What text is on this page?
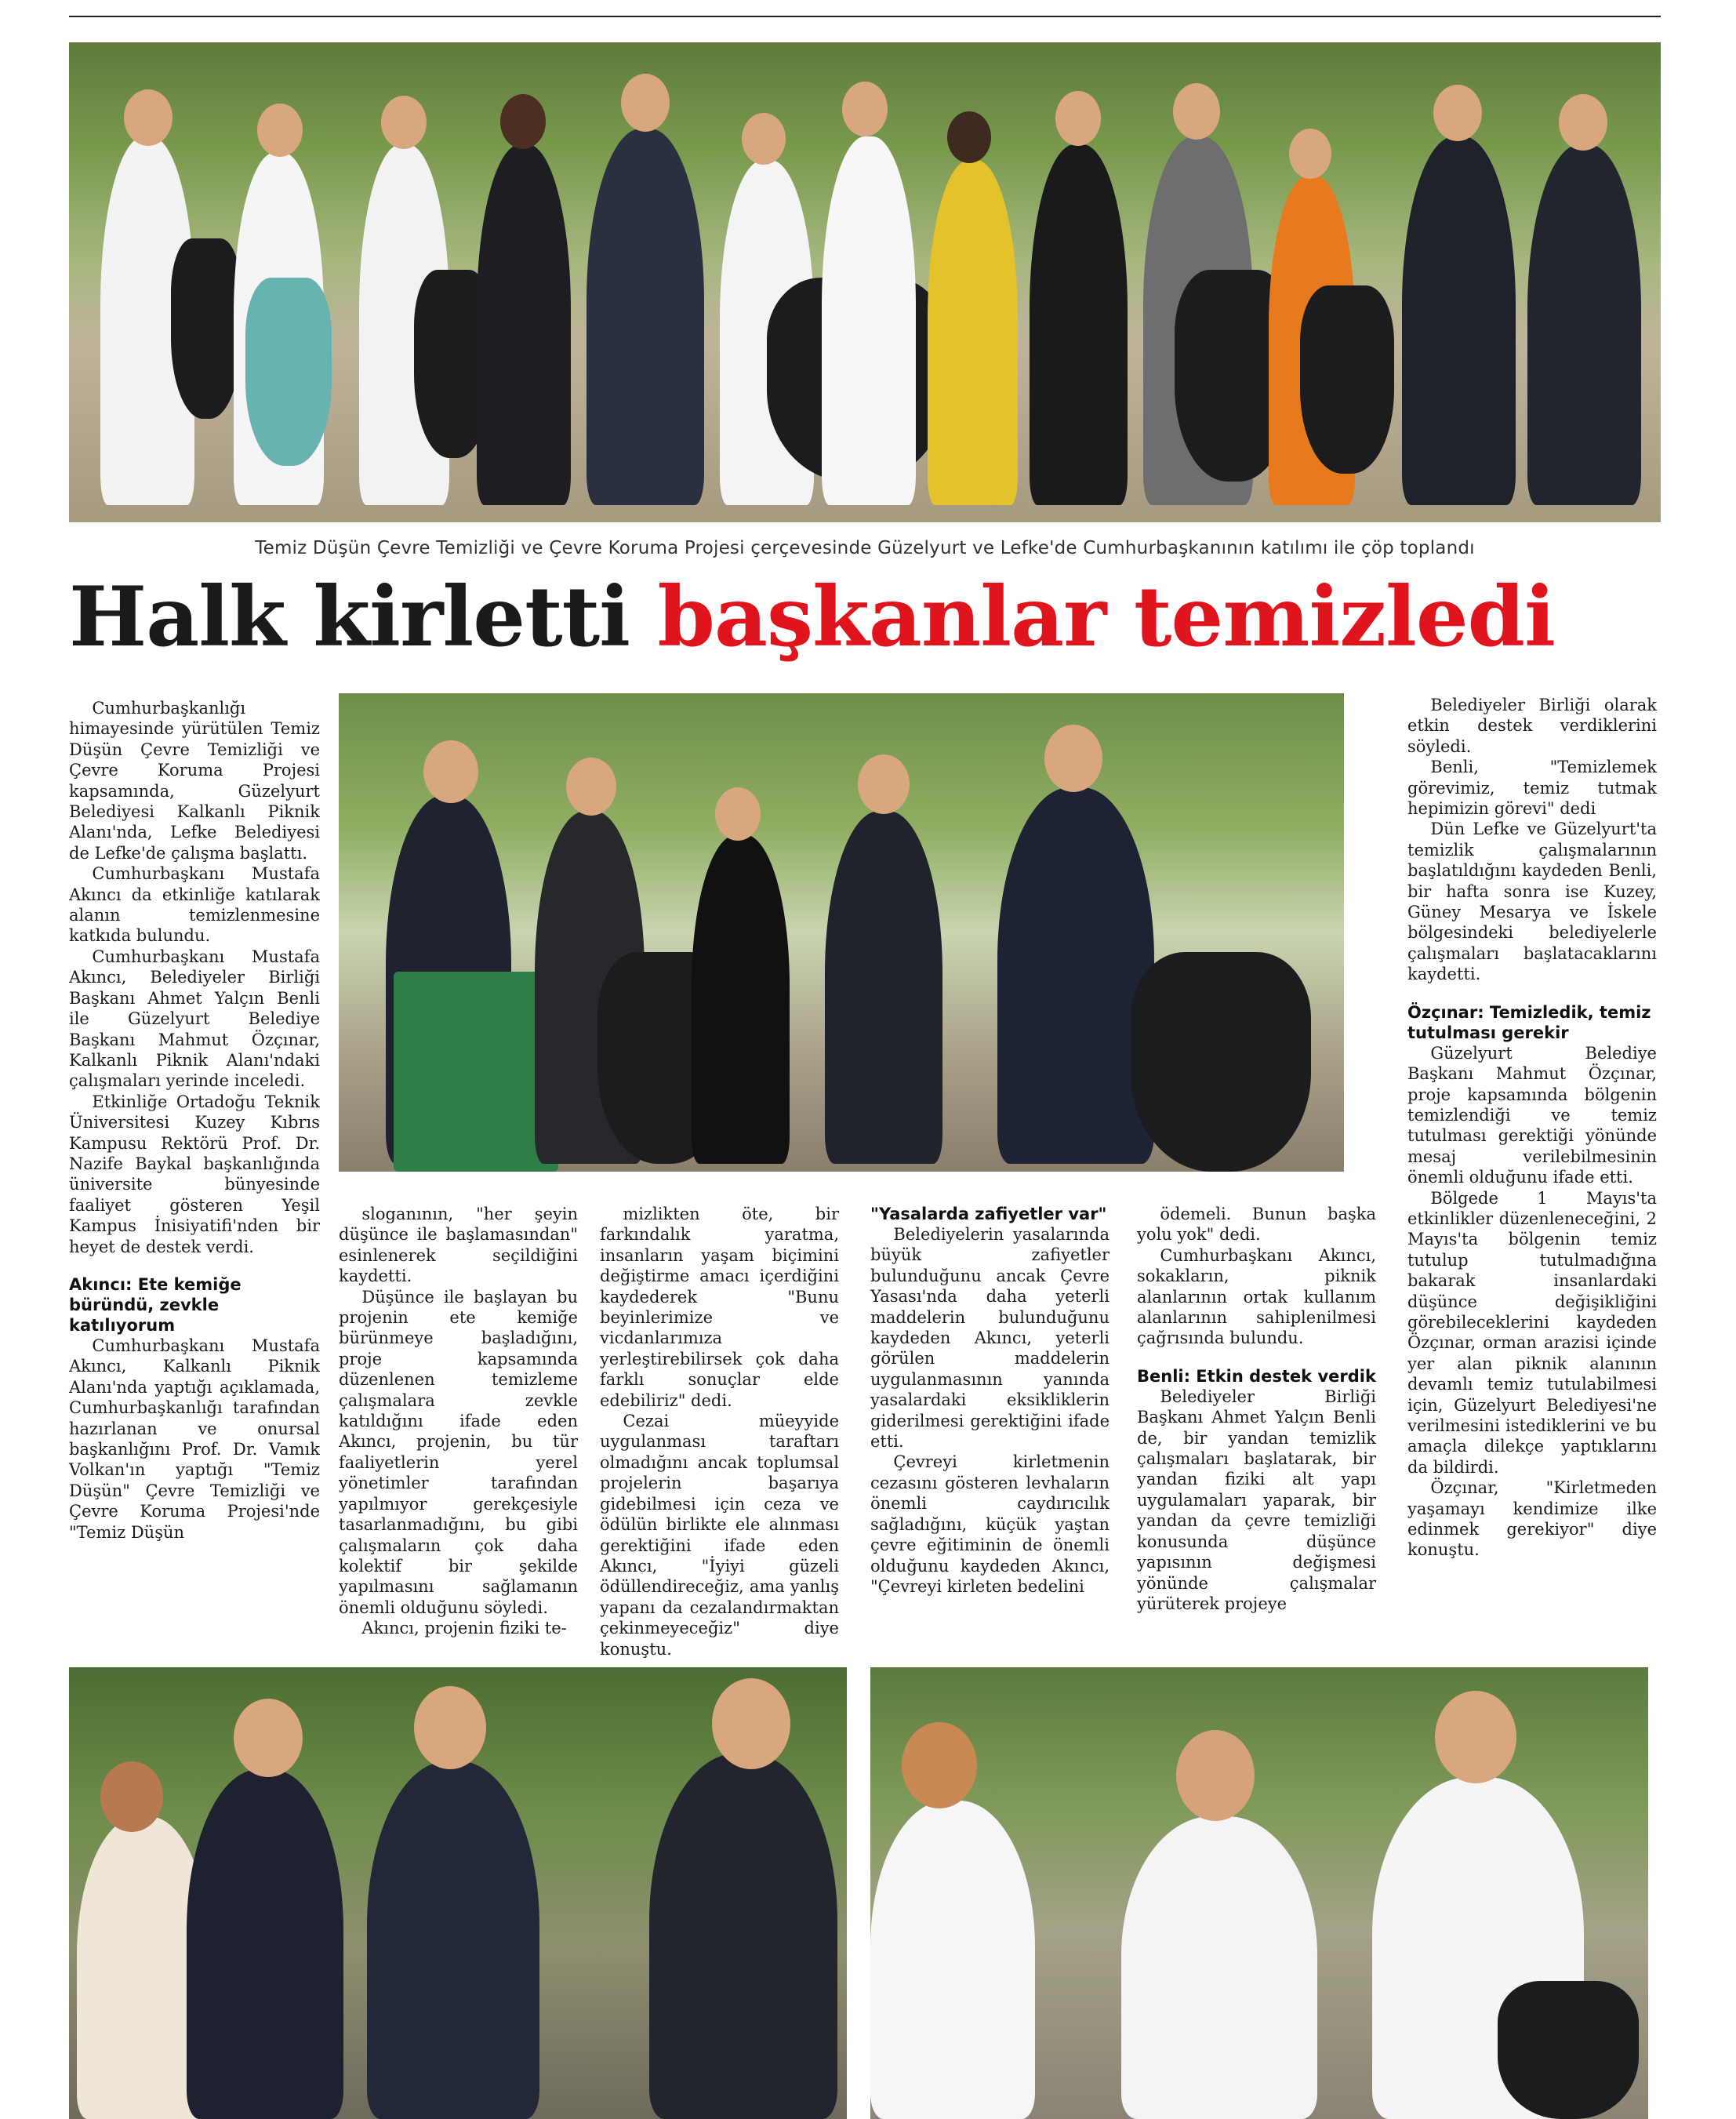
Temiz Düşün Çevre Temizliği ve Çevre Koruma Projesi çerçevesinde Güzelyurt ve Lefke'de Cumhurbaşkanının katılımı ile çöp toplandı
Halk kirletti başkanlar temizledi

Cumhurbaşkanlığı himayesinde yürütülen Temiz Düşün Çevre Temizliği ve Çevre Koruma Projesi kapsamında, Güzelyurt Belediyesi Kalkanlı Piknik Alanı'nda, Lefke Belediyesi de Lefke'de çalışma başlattı.

Cumhurbaşkanı Mustafa Akıncı da etkinliğe katılarak alanın temizlenmesine katkıda bulundu.

Cumhurbaşkanı Mustafa Akıncı, Belediyeler Birliği Başkanı Ahmet Yalçın Benli ile Güzelyurt Belediye Başkanı Mahmut Özçınar, Kalkanlı Piknik Alanı'ndaki çalışmaları yerinde inceledi.

Etkinliğe Ortadoğu Teknik Üniversitesi Kuzey Kıbrıs Kampusu Rektörü Prof. Dr. Nazife Baykal başkanlığında üniversite bünyesinde faaliyet gösteren Yeşil Kampus İnisiyatifi'nden bir heyet de destek verdi.

Akıncı: Ete kemiğe büründü, zevkle katılıyorum

Cumhurbaşkanı Mustafa Akıncı, Kalkanlı Piknik Alanı'nda yaptığı açıklamada, Cumhurbaşkanlığı tarafından hazırlanan ve onursal başkanlığını Prof. Dr. Vamık Volkan'ın yaptığı "Temiz Düşün" Çevre Temizliği ve Çevre Koruma Projesi'nde "Temiz Düşün

sloganının, "her şeyin düşünce ile başlamasından" esinlenerek seçildiğini kaydetti.

Düşünce ile başlayan bu projenin ete kemiğe bürünmeye başladığını, proje kapsamında düzenlenen temizleme çalışmalara zevkle katıldığını ifade eden Akıncı, projenin, bu tür faaliyetlerin yerel yönetimler tarafından yapılmıyor gerekçesiyle tasarlanmadığını, bu gibi çalışmaların çok daha kolektif bir şekilde yapılmasını sağlamanın önemli olduğunu söyledi.

Akıncı, projenin fiziki te-

mizlikten öte, bir farkındalık yaratma, insanların yaşam biçimini değiştirme amacı içerdiğini kaydederek "Bunu beyinlerimize ve vicdanlarımıza yerleştirebilirsek çok daha farklı sonuçlar elde edebiliriz" dedi.

Cezai müeyyide uygulanması taraftarı olmadığını ancak toplumsal projelerin başarıya gidebilmesi için ceza ve ödülün birlikte ele alınması gerektiğini ifade eden Akıncı, "İyiyi güzeli ödüllendireceğiz, ama yanlış yapanı da cezalandırmaktan çekinmeyeceğiz" diye konuştu.

"Yasalarda zafiyetler var"

Belediyelerin yasalarında büyük zafiyetler bulunduğunu ancak Çevre Yasası'nda daha yeterli maddelerin bulunduğunu kaydeden Akıncı, yeterli görülen maddelerin uygulanmasının yanında yasalardaki eksikliklerin giderilmesi gerektiğini ifade etti.

Çevreyi kirletmenin cezasını gösteren levhaların önemli caydırıcılık sağladığını, küçük yaştan çevre eğitiminin de önemli olduğunu kaydeden Akıncı, "Çevreyi kirleten bedelini

ödemeli. Bunun başka yolu yok" dedi.

Cumhurbaşkanı Akıncı, sokakların, piknik alanlarının ortak kullanım alanlarının sahiplenilmesi çağrısında bulundu.

Benli: Etkin destek verdik

Belediyeler Birliği Başkanı Ahmet Yalçın Benli de, bir yandan temizlik çalışmaları başlatarak, bir yandan fiziki alt yapı uygulamaları yaparak, bir yandan da çevre temizliği konusunda düşünce yapısının değişmesi yönünde çalışmalar yürüterek projeye

Belediyeler Birliği olarak etkin destek verdiklerini söyledi.

Benli, "Temizlemek görevimiz, temiz tutmak hepimizin görevi" dedi

Dün Lefke ve Güzelyurt'ta temizlik çalışmalarının başlatıldığını kaydeden Benli, bir hafta sonra ise Kuzey, Güney Mesarya ve İskele bölgesindeki belediyelerle çalışmaları başlatacaklarını kaydetti.

Özçınar: Temizledik, temiz tutulması gerekir

Güzelyurt Belediye Başkanı Mahmut Özçınar, proje kapsamında bölgenin temizlendiği ve temiz tutulması gerektiği yönünde mesaj verilebilmesinin önemli olduğunu ifade etti.

Bölgede 1 Mayıs'ta etkinlikler düzenleneceğini, 2 Mayıs'ta bölgenin temiz tutulup tutulmadığına bakarak insanlardaki düşünce değişikliğini görebileceklerini kaydeden Özçınar, orman arazisi içinde yer alan piknik alanının devamlı temiz tutulabilmesi için, Güzelyurt Belediyesi'ne verilmesini istediklerini ve bu amaçla dilekçe yaptıklarını da bildirdi.

Özçınar, "Kirletmeden yaşamayı kendimize ilke edinmek gerekiyor" diye konuştu.
